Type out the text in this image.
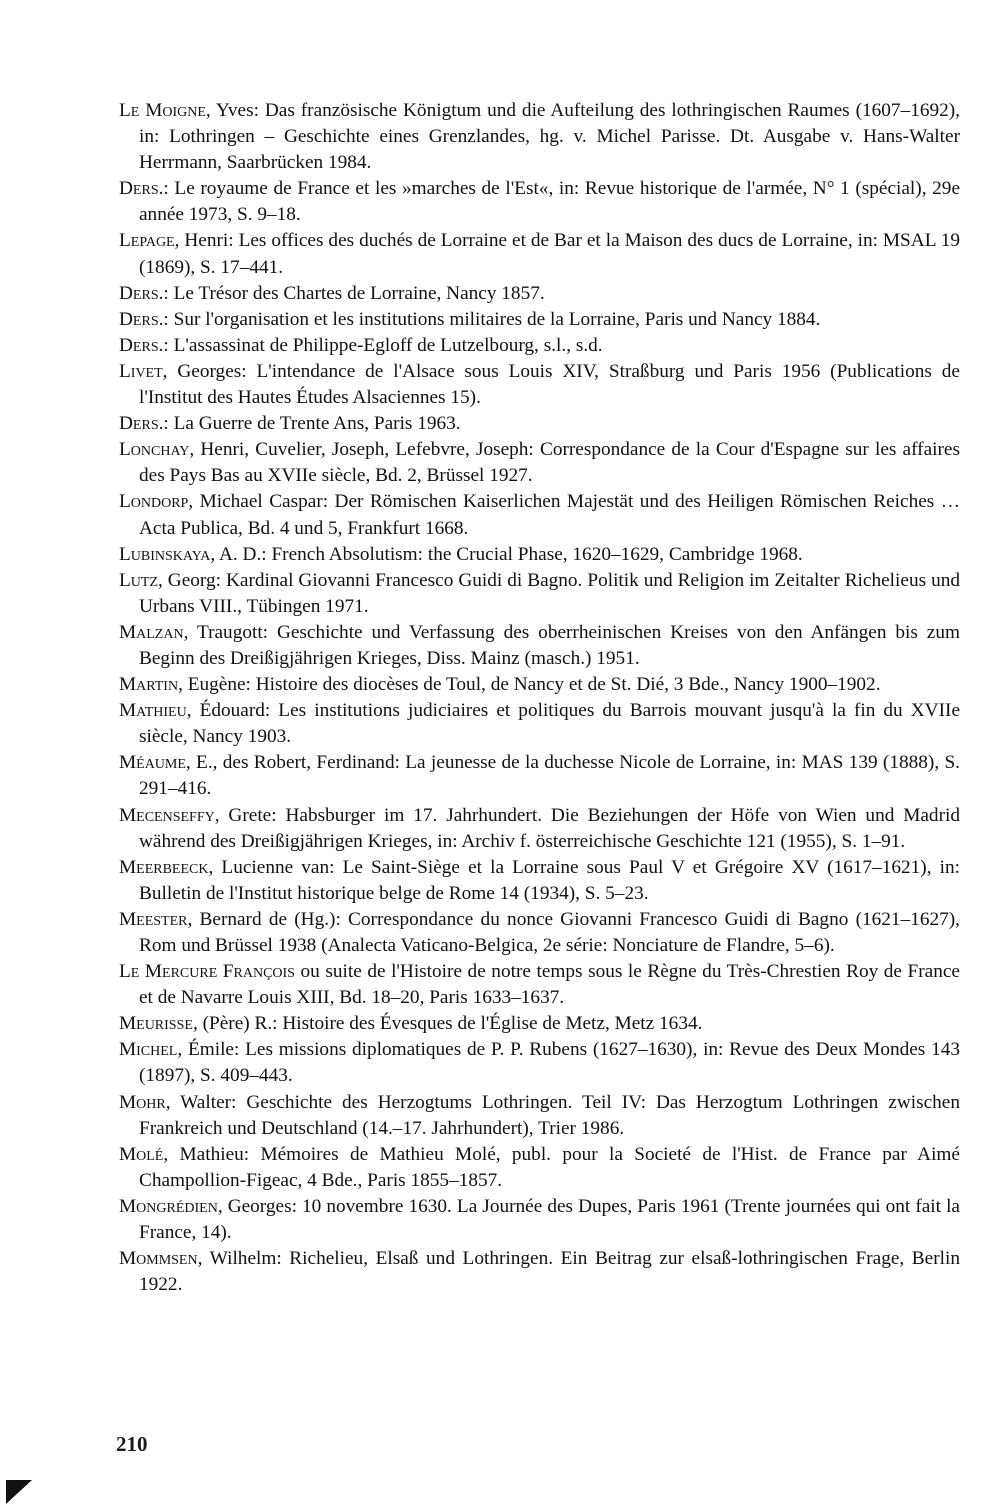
Le Moigne, Yves: Das französische Königtum und die Aufteilung des lothringischen Raumes (1607–1692), in: Lothringen – Geschichte eines Grenzlandes, hg. v. Michel Parisse. Dt. Ausgabe v. Hans-Walter Herrmann, Saarbrücken 1984.

Ders.: Le royaume de France et les »marches de l'Est«, in: Revue historique de l'armée, N° 1 (spécial), 29e année 1973, S. 9–18.

Lepage, Henri: Les offices des duchés de Lorraine et de Bar et la Maison des ducs de Lorraine, in: MSAL 19 (1869), S. 17–441.

Ders.: Le Trésor des Chartes de Lorraine, Nancy 1857.

Ders.: Sur l'organisation et les institutions militaires de la Lorraine, Paris und Nancy 1884.

Ders.: L'assassinat de Philippe-Egloff de Lutzelbourg, s.l., s.d.

Livet, Georges: L'intendance de l'Alsace sous Louis XIV, Straßburg und Paris 1956 (Publications de l'Institut des Hautes Études Alsaciennes 15).

Ders.: La Guerre de Trente Ans, Paris 1963.

Lonchay, Henri, Cuvelier, Joseph, Lefebvre, Joseph: Correspondance de la Cour d'Espagne sur les affaires des Pays Bas au XVIIe siècle, Bd. 2, Brüssel 1927.

Londorp, Michael Caspar: Der Römischen Kaiserlichen Majestät und des Heiligen Römischen Reiches … Acta Publica, Bd. 4 und 5, Frankfurt 1668.

Lubinskaya, A. D.: French Absolutism: the Crucial Phase, 1620–1629, Cambridge 1968.

Lutz, Georg: Kardinal Giovanni Francesco Guidi di Bagno. Politik und Religion im Zeitalter Richelieus und Urbans VIII., Tübingen 1971.

Malzan, Traugott: Geschichte und Verfassung des oberrheinischen Kreises von den Anfängen bis zum Beginn des Dreißigjährigen Krieges, Diss. Mainz (masch.) 1951.

Martin, Eugène: Histoire des diocèses de Toul, de Nancy et de St. Dié, 3 Bde., Nancy 1900–1902.

Mathieu, Édouard: Les institutions judiciaires et politiques du Barrois mouvant jusqu'à la fin du XVIIe siècle, Nancy 1903.

Méaume, E., des Robert, Ferdinand: La jeunesse de la duchesse Nicole de Lorraine, in: MAS 139 (1888), S. 291–416.

Mecenseffy, Grete: Habsburger im 17. Jahrhundert. Die Beziehungen der Höfe von Wien und Madrid während des Dreißigjährigen Krieges, in: Archiv f. österreichische Geschichte 121 (1955), S. 1–91.

Meerbeeck, Lucienne van: Le Saint-Siège et la Lorraine sous Paul V et Grégoire XV (1617–1621), in: Bulletin de l'Institut historique belge de Rome 14 (1934), S. 5–23.

Meester, Bernard de (Hg.): Correspondance du nonce Giovanni Francesco Guidi di Bagno (1621–1627), Rom und Brüssel 1938 (Analecta Vaticano-Belgica, 2e série: Nonciature de Flandre, 5–6).

Le Mercure François ou suite de l'Histoire de notre temps sous le Règne du Très-Chrestien Roy de France et de Navarre Louis XIII, Bd. 18–20, Paris 1633–1637.

Meurisse, (Père) R.: Histoire des Évesques de l'Église de Metz, Metz 1634.

Michel, Émile: Les missions diplomatiques de P. P. Rubens (1627–1630), in: Revue des Deux Mondes 143 (1897), S. 409–443.

Mohr, Walter: Geschichte des Herzogtums Lothringen. Teil IV: Das Herzogtum Lothringen zwischen Frankreich und Deutschland (14.–17. Jahrhundert), Trier 1986.

Molé, Mathieu: Mémoires de Mathieu Molé, publ. pour la Societé de l'Hist. de France par Aimé Champollion-Figeac, 4 Bde., Paris 1855–1857.

Mongrédien, Georges: 10 novembre 1630. La Journée des Dupes, Paris 1961 (Trente journées qui ont fait la France, 14).

Mommsen, Wilhelm: Richelieu, Elsaß und Lothringen. Ein Beitrag zur elsaß-lothringischen Frage, Berlin 1922.

210
